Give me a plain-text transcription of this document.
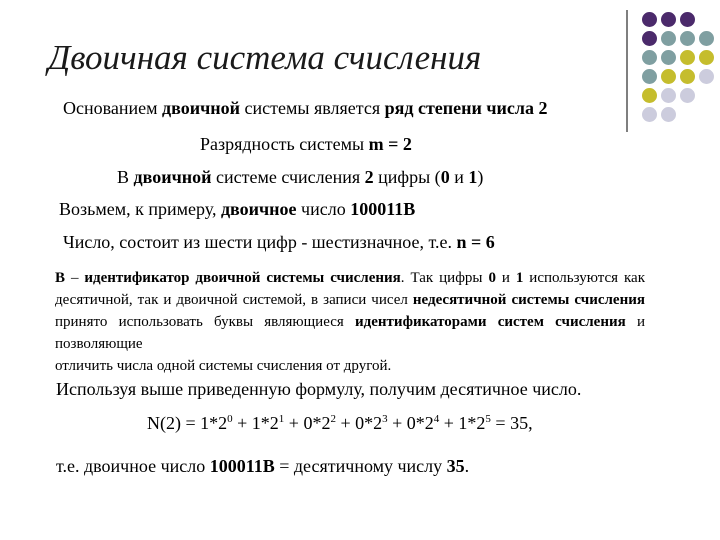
Двоичная система счисления
Основанием двоичной системы является ряд степени числа 2
Разрядность системы m = 2
В двоичной системе счисления 2 цифры (0 и 1)
Возьмем, к примеру, двоичное число 100011B
Число, состоит из шести цифр - шестизначное, т.е. n = 6
B – идентификатор двоичной системы счисления. Так цифры 0 и 1 используются как десятичной, так и двоичной системой, в записи чисел недесятичной системы счисления принято использовать буквы являющиеся идентификаторами систем счисления и позволяющие
отличить числа одной системы счисления от другой.
Используя выше приведенную формулу, получим десятичное число.
$N(2) = 1*2^0 + 1*2^1 + 0*2^2 + 0*2^3 + 0*2^4 + 1*2^5 = 35$,
т.е. двоичное число 100011B = десятичному числу 35.
